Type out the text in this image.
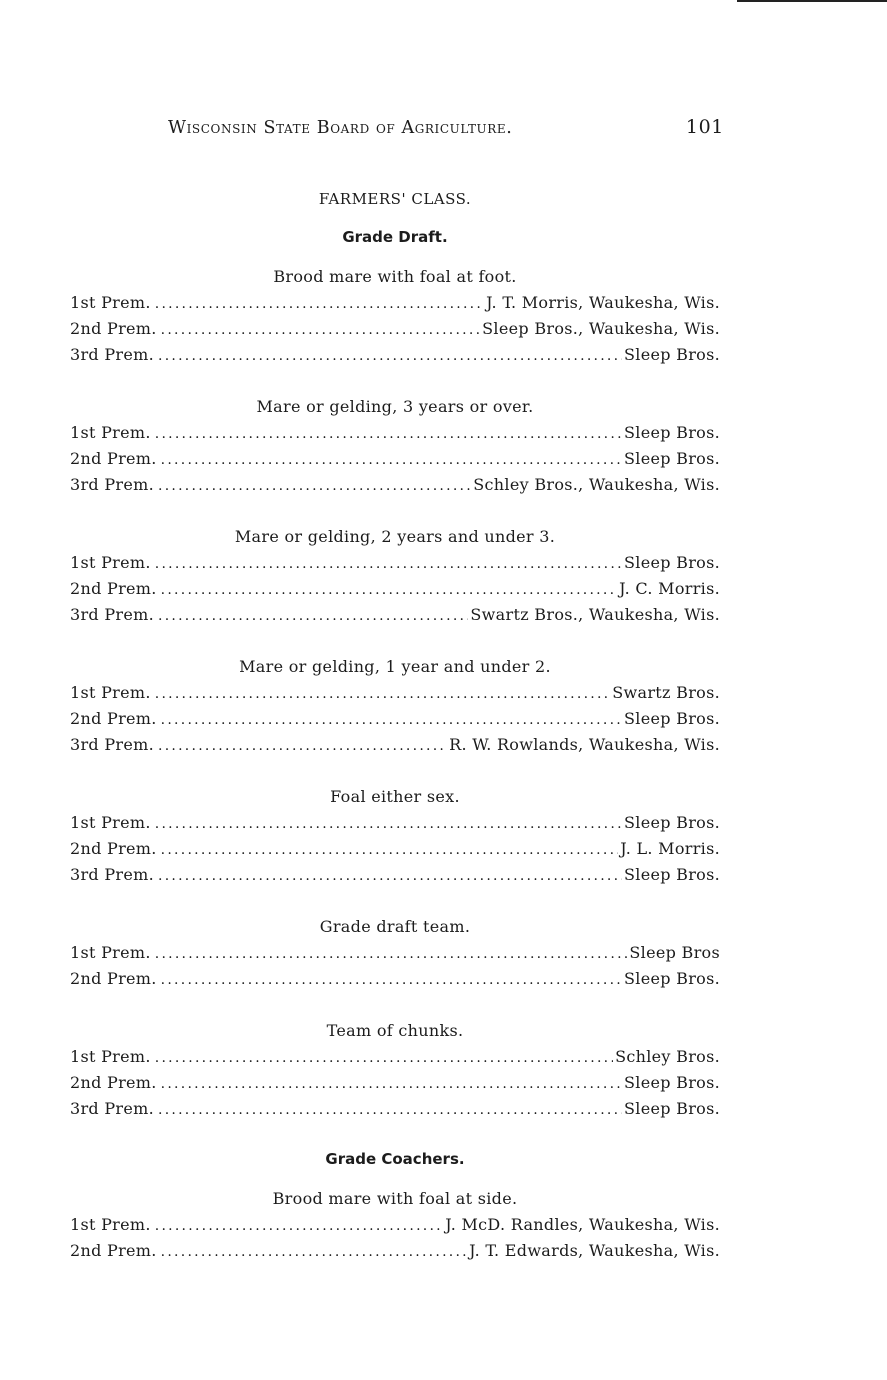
Wisconsin State Board of Agriculture.	101
FARMERS' CLASS.
Grade Draft.
Brood mare with foal at foot.
1st Prem. . . .	J. T. Morris, Waukesha, Wis.
2nd Prem. . . .	Sleep Bros., Waukesha, Wis.
3rd Prem. . . .	Sleep Bros.
Mare or gelding, 3 years or over.
1st Prem. . . .	Sleep Bros.
2nd Prem. . . .	Sleep Bros.
3rd Prem. . . .	Schley Bros., Waukesha, Wis.
Mare or gelding, 2 years and under 3.
1st Prem. . . .	Sleep Bros.
2nd Prem. . . .	J. C. Morris.
3rd Prem. . . .	Swartz Bros., Waukesha, Wis.
Mare or gelding, 1 year and under 2.
1st Prem. . . .	Swartz Bros.
2nd Prem. . . .	Sleep Bros.
3rd Prem. . . .	R. W. Rowlands, Waukesha, Wis.
Foal either sex.
1st Prem. . . .	Sleep Bros.
2nd Prem. . . .	J. L. Morris.
3rd Prem. . . .	Sleep Bros.
Grade draft team.
1st Prem. . . .	Sleep Bros
2nd Prem. . . .	Sleep Bros.
Team of chunks.
1st Prem. . . .	Schley Bros.
2nd Prem. . . .	Sleep Bros.
3rd Prem. . . .	Sleep Bros.
Grade Coachers.
Brood mare with foal at side.
1st Prem. . . .	J. McD. Randles, Waukesha, Wis.
2nd Prem. . . .	J. T. Edwards, Waukesha, Wis.
